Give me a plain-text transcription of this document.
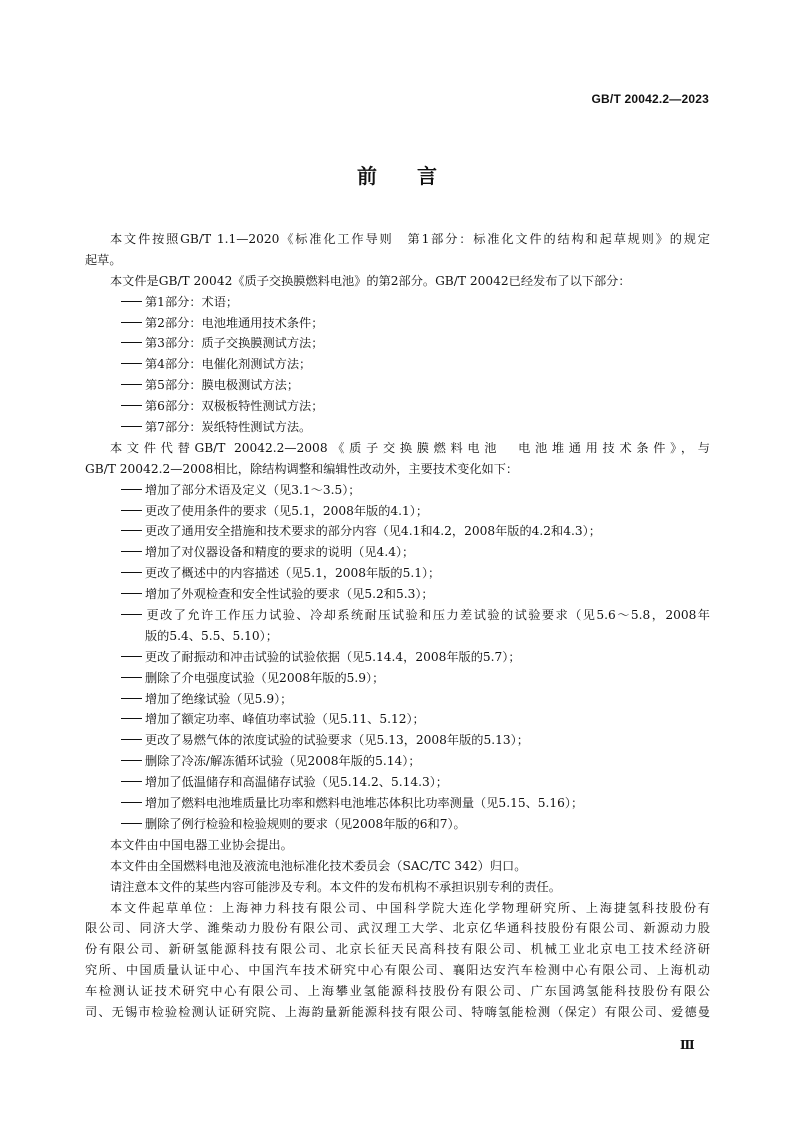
GB/T 20042.2—2023
前　　言
本文件按照GB/T 1.1—2020《标准化工作导则　第1部分：标准化文件的结构和起草规则》的规定
起草。
本文件是GB/T 20042《质子交换膜燃料电池》的第2部分。GB/T 20042已经发布了以下部分：
第1部分：术语；
第2部分：电池堆通用技术条件；
第3部分：质子交换膜测试方法；
第4部分：电催化剂测试方法；
第5部分：膜电极测试方法；
第6部分：双极板特性测试方法；
第7部分：炭纸特性测试方法。
本文件代替GB/T 20042.2—2008《质子交换膜燃料电池　电池堆通用技术条件》，与
GB/T 20042.2—2008相比，除结构调整和编辑性改动外，主要技术变化如下：
增加了部分术语及定义（见3.1～3.5）；
更改了使用条件的要求（见5.1，2008年版的4.1）；
更改了通用安全措施和技术要求的部分内容（见4.1和4.2，2008年版的4.2和4.3）；
增加了对仪器设备和精度的要求的说明（见4.4）；
更改了概述中的内容描述（见5.1，2008年版的5.1）；
增加了外观检查和安全性试验的要求（见5.2和5.3）；
更改了允许工作压力试验、冷却系统耐压试验和压力差试验的试验要求（见5.6～5.8，2008年
版的5.4、5.5、5.10）；
更改了耐振动和冲击试验的试验依据（见5.14.4，2008年版的5.7）；
删除了介电强度试验（见2008年版的5.9）；
增加了绝缘试验（见5.9）；
增加了额定功率、峰值功率试验（见5.11、5.12）；
更改了易燃气体的浓度试验的试验要求（见5.13，2008年版的5.13）；
删除了冷冻/解冻循环试验（见2008年版的5.14）；
增加了低温储存和高温储存试验（见5.14.2、5.14.3）；
增加了燃料电池堆质量比功率和燃料电池堆芯体积比功率测量（见5.15、5.16）；
删除了例行检验和检验规则的要求（见2008年版的6和7）。
本文件由中国电器工业协会提出。
本文件由全国燃料电池及液流电池标准化技术委员会（SAC/TC 342）归口。
请注意本文件的某些内容可能涉及专利。本文件的发布机构不承担识别专利的责任。
本文件起草单位：上海神力科技有限公司、中国科学院大连化学物理研究所、上海捷氢科技股份有
限公司、同济大学、潍柴动力股份有限公司、武汉理工大学、北京亿华通科技股份有限公司、新源动力股
份有限公司、新研氢能源科技有限公司、北京长征天民高科技有限公司、机械工业北京电工技术经济研
究所、中国质量认证中心、中国汽车技术研究中心有限公司、襄阳达安汽车检测中心有限公司、上海机动
车检测认证技术研究中心有限公司、上海攀业氢能源科技股份有限公司、广东国鸿氢能科技股份有限公
司、无锡市检验检测认证研究院、上海韵量新能源科技有限公司、特嗨氢能检测（保定）有限公司、爱德曼
Ⅲ
